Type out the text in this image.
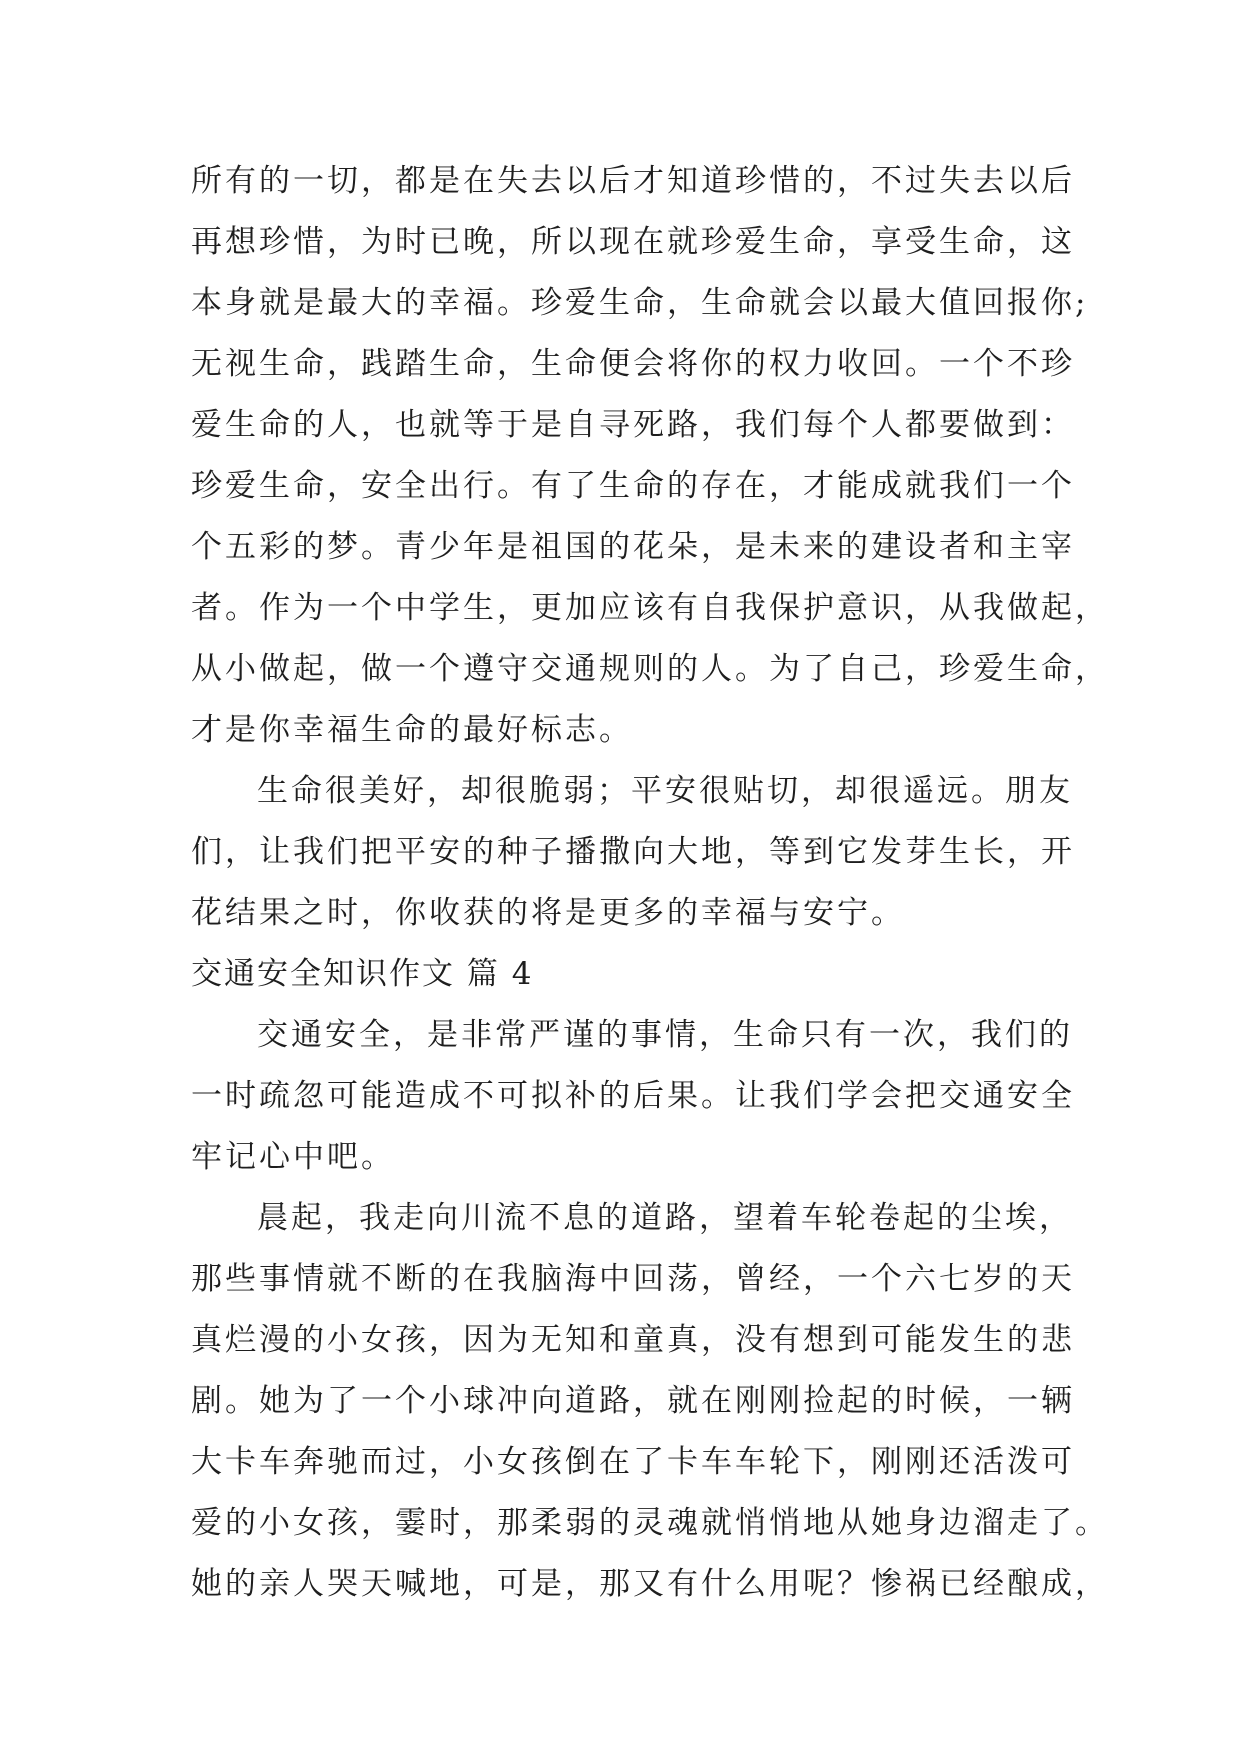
所有的一切，都是在失去以后才知道珍惜的，不过失去以后
再想珍惜，为时已晚，所以现在就珍爱生命，享受生命，这
本身就是最大的幸福。珍爱生命，生命就会以最大值回报你;
无视生命，践踏生命，生命便会将你的权力收回。一个不珍
爱生命的人，也就等于是自寻死路，我们每个人都要做到：
珍爱生命，安全出行。有了生命的存在，才能成就我们一个
个五彩的梦。青少年是祖国的花朵，是未来的建设者和主宰
者。作为一个中学生，更加应该有自我保护意识，从我做起，
从小做起，做一个遵守交通规则的人。为了自己，珍爱生命，
才是你幸福生命的最好标志。
生命很美好，却很脆弱；平安很贴切，却很遥远。朋友
们，让我们把平安的种子播撒向大地，等到它发芽生长，开
花结果之时，你收获的将是更多的幸福与安宁。
交通安全知识作文 篇 4
交通安全，是非常严谨的事情，生命只有一次，我们的
一时疏忽可能造成不可拟补的后果。让我们学会把交通安全
牢记心中吧。
晨起，我走向川流不息的道路，望着车轮卷起的尘埃，
那些事情就不断的在我脑海中回荡，曾经，一个六七岁的天
真烂漫的小女孩，因为无知和童真，没有想到可能发生的悲
剧。她为了一个小球冲向道路，就在刚刚捡起的时候，一辆
大卡车奔驰而过，小女孩倒在了卡车车轮下，刚刚还活泼可
爱的小女孩，霎时，那柔弱的灵魂就悄悄地从她身边溜走了。
她的亲人哭天喊地，可是，那又有什么用呢？惨祸已经酿成，
